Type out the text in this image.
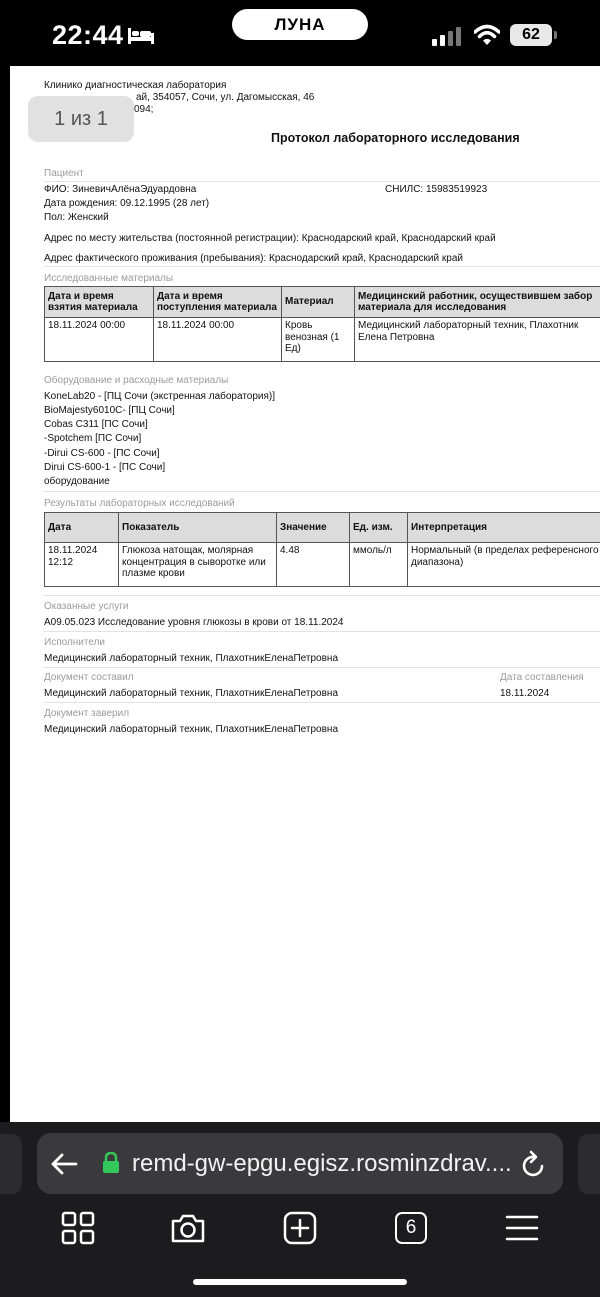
22:44	ЛУНА
62
Клинико диагностическая лаборатория
ай, 354057, Сочи, ул. Дагомысская, 46
094;
Протокол лабораторного исследования
Пациент
ФИО: ЗиневичАлёнаЭдуардовна	СНИЛС: 15983519923
Дата рождения: 09.12.1995 (28 лет)
Пол: Женский
Адрес по месту жительства (постоянной регистрации): Краснодарский край, Краснодарский край
Адрес фактического проживания (пребывания): Краснодарский край, Краснодарский край
Исследованные материалы
Дата и время взятия материала	Дата и время поступления материала	Материал	Медицинский работник, осуществившем забор материала для исследования
18.11.2024 00:00	18.11.2024 00:00	Кровь венозная (1 Ед)	Медицинский лабораторный техник, Плахотник Елена Петровна
Оборудование и расходные материалы
KoneLab20 - [ПЦ Сочи (экстренная лаборатория)]
BioMajesty6010C- [ПЦ Сочи]
Cobas C311 [ПС Сочи]
-Spotchem [ПС Сочи]
-Dirui CS-600 - [ПС Сочи]
Dirui CS-600-1 - [ПС Сочи]
оборудование
Результаты лабораторных исследований
Дата	Показатель	Значение	Ед. изм.	Интерпретация
18.11.2024 12:12	Глюкоза натощак, молярная концентрация в сыворотке или плазме крови	4.48	ммоль/л	Нормальный (в пределах референсного диапазона)
Оказанные услуги
A09.05.023 Исследование уровня глюкозы в крови от 18.11.2024
Исполнители
Медицинский лабораторный техник, ПлахотникЕленаПетровна
Документ составил	Дата составления
Медицинский лабораторный техник, ПлахотникЕленаПетровна	18.11.2024
Документ заверил
Медицинский лабораторный техник, ПлахотникЕленаПетровна
1 из 1
remd-gw-epgu.egisz.rosminzdrav....
6
